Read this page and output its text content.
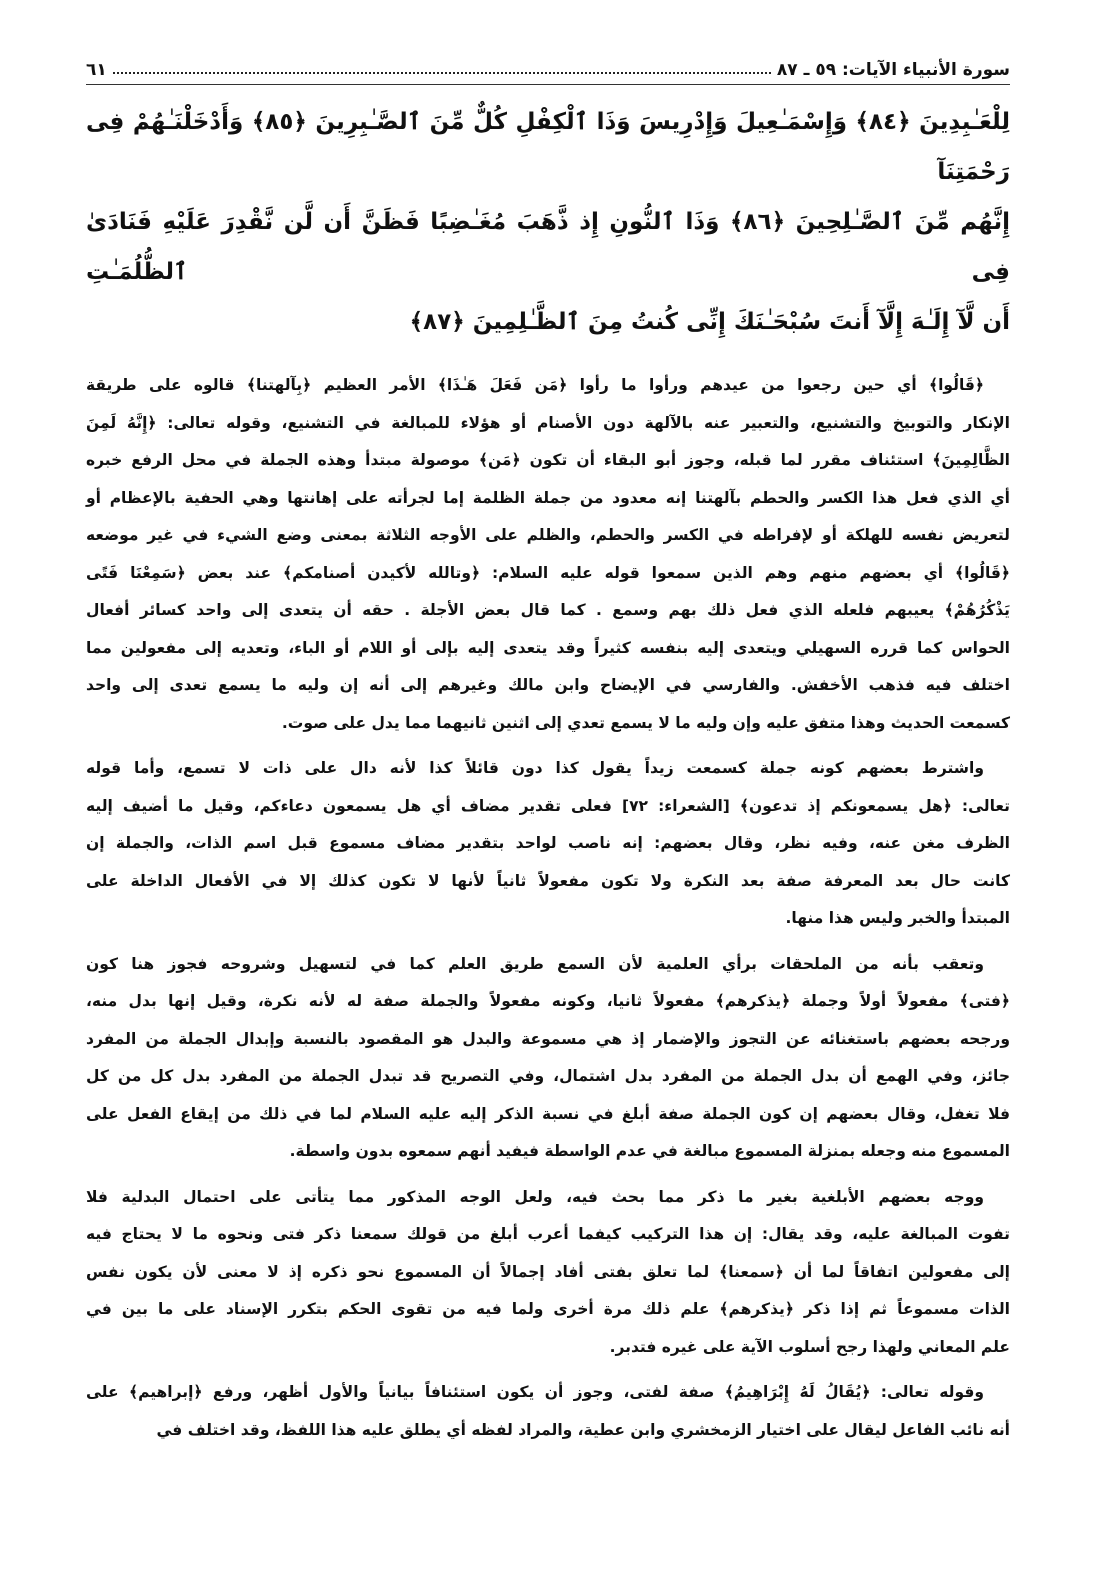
سورة الأنبياء الآيات: ٥٩ ـ ٨٧
٦١
لِلْعَـٰبِدِينَ ﴿٨٤﴾ وَإِسْمَـٰعِيلَ وَإِدْرِيسَ وَذَا ٱلْكِفْلِ كُلٌّ مِّنَ ٱلصَّـٰبِرِينَ ﴿٨٥﴾ وَأَدْخَلْنَـٰهُمْ فِى رَحْمَتِنَآ
إِنَّهُم مِّنَ ٱلصَّـٰلِحِينَ ﴿٨٦﴾ وَذَا ٱلنُّونِ إِذ ذَّهَبَ مُغَـٰضِبًا فَظَنَّ أَن لَّن نَّقْدِرَ عَلَيْهِ فَنَادَىٰ فِى ٱلظُّلُمَـٰتِ
أَن لَّآ إِلَـٰهَ إِلَّآ أَنتَ سُبْحَـٰنَكَ إِنِّى كُنتُ مِنَ ٱلظَّـٰلِمِينَ ﴿٨٧﴾
﴿قَالُوا﴾ أي حين رجعوا من عيدهم ورأوا ما رأوا ﴿مَن فَعَلَ هَـٰذَا﴾ الأمر العظيم ﴿بِآلهتنا﴾ قالوه على طريقة
الإنكار والتوبيخ والتشنيع، والتعبير عنه بالآلهة دون الأصنام أو هؤلاء للمبالغة في التشنيع، وقوله تعالى: ﴿إِنَّهُ لَمِنَ
الظَّالِمِينَ﴾ استئناف مقرر لما قبله، وجوز أبو البقاء أن تكون ﴿مَن﴾ موصولة مبتدأ وهذه الجملة في محل الرفع خبره
أي الذي فعل هذا الكسر والحطم بآلهتنا إنه معدود من جملة الظلمة إما لجرأته على إهانتها وهي الحفية بالإعظام أو
لتعريض نفسه للهلكة أو لإفراطه في الكسر والحطم، والظلم على الأوجه الثلاثة بمعنى وضع الشيء في غير موضعه
﴿قَالُوا﴾ أي بعضهم منهم وهم الذين سمعوا قوله عليه السلام: ﴿وتالله لأكيدن أصنامكم﴾ عند بعض ﴿سَمِعْنَا فَتًى
يَذْكُرُهُمْ﴾ يعيبهم فلعله الذي فعل ذلك بهم وسمع . كما قال بعض الأجلة . حقه أن يتعدى إلى واحد كسائر أفعال
الحواس كما قرره السهيلي ويتعدى إليه بنفسه كثيراً وقد يتعدى إليه بإلى أو اللام أو الباء، وتعديه إلى مفعولين مما
اختلف فيه فذهب الأخفش. والفارسي في الإيضاح وابن مالك وغيرهم إلى أنه إن وليه ما يسمع تعدى إلى واحد
كسمعت الحديث وهذا متفق عليه وإن وليه ما لا يسمع تعدي إلى اثنين ثانيهما مما يدل على صوت.
واشترط بعضهم كونه جملة كسمعت زيداً يقول كذا دون قائلاً كذا لأنه دال على ذات لا تسمع، وأما قوله
تعالى: ﴿هل يسمعونكم إذ تدعون﴾ [الشعراء: ٧٢] فعلى تقدير مضاف أي هل يسمعون دعاءكم، وقيل ما أضيف إليه
الظرف مغن عنه، وفيه نظر، وقال بعضهم: إنه ناصب لواحد بتقدير مضاف مسموع قبل اسم الذات، والجملة إن
كانت حال بعد المعرفة صفة بعد النكرة ولا تكون مفعولاً ثانياً لأنها لا تكون كذلك إلا في الأفعال الداخلة على
المبتدأ والخبر وليس هذا منها.
وتعقب بأنه من الملحقات برأي العلمية لأن السمع طريق العلم كما في لتسهيل وشروحه فجوز هنا كون
﴿فتى﴾ مفعولاً أولاً وجملة ﴿يذكرهم﴾ مفعولاً ثانيا، وكونه مفعولاً والجملة صفة له لأنه نكرة، وقيل إنها بدل منه،
ورجحه بعضهم باستغنائه عن التجوز والإضمار إذ هي مسموعة والبدل هو المقصود بالنسبة وإبدال الجملة من المفرد
جائز، وفي الهمع أن بدل الجملة من المفرد بدل اشتمال، وفي التصريح قد تبدل الجملة من المفرد بدل كل من كل
فلا تغفل، وقال بعضهم إن كون الجملة صفة أبلغ في نسبة الذكر إليه عليه السلام لما في ذلك من إيقاع الفعل على
المسموع منه وجعله بمنزلة المسموع مبالغة في عدم الواسطة فيفيد أنهم سمعوه بدون واسطة.
ووجه بعضهم الأبلغية بغير ما ذكر مما بحث فيه، ولعل الوجه المذكور مما يتأتى على احتمال البدلية فلا
تفوت المبالغة عليه، وقد يقال: إن هذا التركيب كيفما أعرب أبلغ من قولك سمعنا ذكر فتى ونحوه ما لا يحتاج فيه
إلى مفعولين اتفاقاً لما أن ﴿سمعنا﴾ لما تعلق بفتى أفاد إجمالاً أن المسموع نحو ذكره إذ لا معنى لأن يكون نفس
الذات مسموعاً ثم إذا ذكر ﴿يذكرهم﴾ علم ذلك مرة أخرى ولما فيه من تقوى الحكم بتكرر الإسناد على ما بين في
علم المعاني ولهذا رجح أسلوب الآية على غيره فتدبر.
وقوله تعالى: ﴿يُقَالُ لَهُ إِبْرَاهِيمُ﴾ صفة لفتى، وجوز أن يكون استئنافاً بيانياً والأول أظهر، ورفع ﴿إبراهيم﴾ على
أنه نائب الفاعل ليقال على اختيار الزمخشري وابن عطية، والمراد لفظه أي يطلق عليه هذا اللفظ، وقد اختلف في
